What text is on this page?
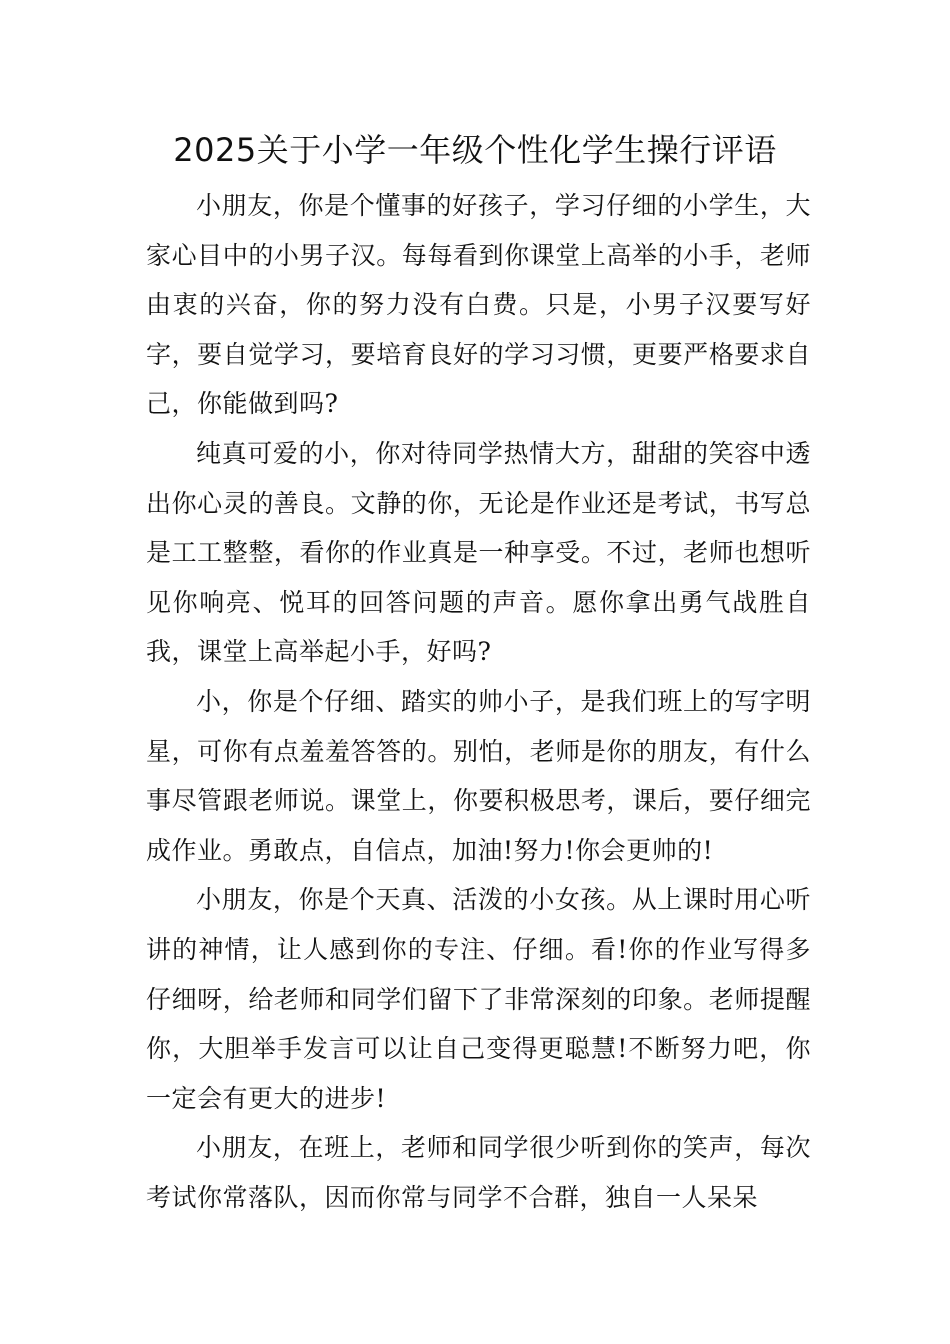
2025关于小学一年级个性化学生操行评语

小朋友，你是个懂事的好孩子，学习仔细的小学生，大家心目中的小男子汉。每每看到你课堂上高举的小手，老师由衷的兴奋，你的努力没有白费。只是，小男子汉要写好字，要自觉学习，要培育良好的学习习惯，更要严格要求自己，你能做到吗?

纯真可爱的小，你对待同学热情大方，甜甜的笑容中透出你心灵的善良。文静的你，无论是作业还是考试，书写总是工工整整，看你的作业真是一种享受。不过，老师也想听见你响亮、悦耳的回答问题的声音。愿你拿出勇气战胜自我，课堂上高举起小手，好吗?

小，你是个仔细、踏实的帅小子，是我们班上的写字明星，可你有点羞羞答答的。别怕，老师是你的朋友，有什么事尽管跟老师说。课堂上，你要积极思考，课后，要仔细完成作业。勇敢点，自信点，加油!努力!你会更帅的!

小朋友，你是个天真、活泼的小女孩。从上课时用心听讲的神情，让人感到你的专注、仔细。看!你的作业写得多仔细呀，给老师和同学们留下了非常深刻的印象。老师提醒你，大胆举手发言可以让自己变得更聪慧!不断努力吧，你一定会有更大的进步!

小朋友，在班上，老师和同学很少听到你的笑声，每次考试你常落队，因而你常与同学不合群，独自一人呆呆
